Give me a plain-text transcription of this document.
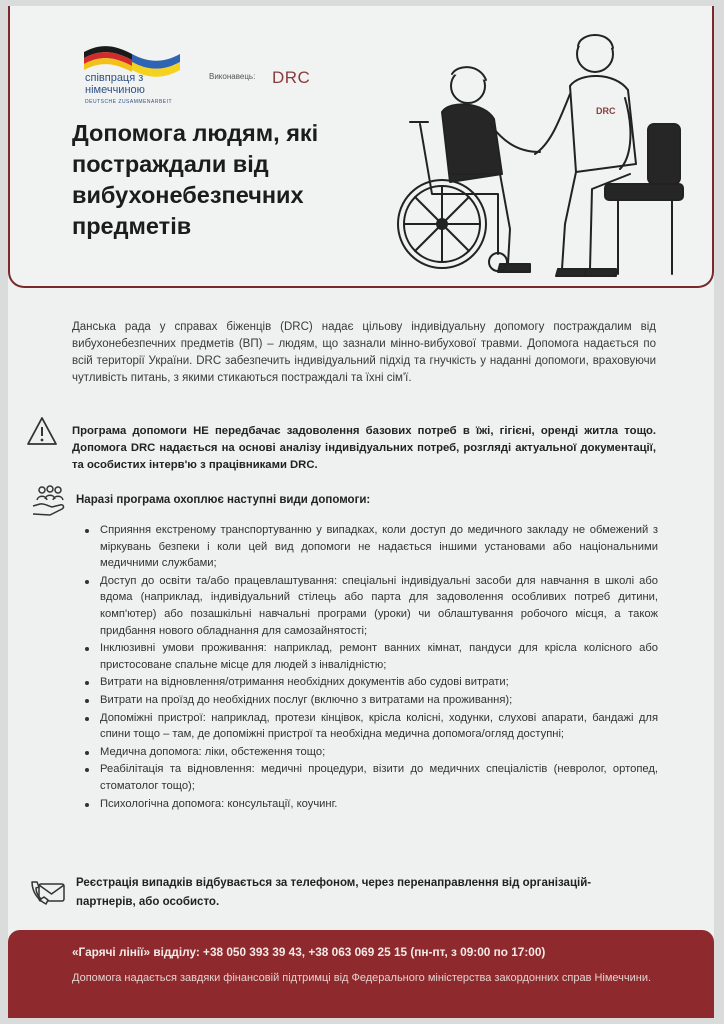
співпраця з
німеччиною
DEUTSCHE ZUSAMMENARBEIT
Виконавець: DRC
Допомога людям, які постраждали від вибухонебезпечних предметів
DRC

Данська рада у справах біженців (DRC) надає цільову індивідуальну допомогу постраждалим від вибухонебезпечних предметів (ВП) – людям, що зазнали мінно-вибухової травми. Допомога надається по всій території України. DRC забезпечить індивідуальний підхід та гнучкість у наданні допомоги, враховуючи чутливість питань, з якими стикаються постраждалі та їхні сім'ї.

Програма допомоги НЕ передбачає задоволення базових потреб в їжі, гігієні, оренді житла тощо. Допомога DRC надається на основі аналізу індивідуальних потреб, розгляді актуальної документації, та особистих інтерв'ю з працівниками DRC.

Наразі програма охоплює наступні види допомоги:
Сприяння екстреному транспортуванню у випадках, коли доступ до медичного закладу не обмежений з міркувань безпеки і коли цей вид допомоги не надається іншими установами або національними медичними службами;
Доступ до освіти та/або працевлаштування: спеціальні індивідуальні засоби для навчання в школі або вдома (наприклад, індивідуальний стілець або парта для задоволення особливих потреб дитини, комп'ютер) або позашкільні навчальні програми (уроки) чи облаштування робочого місця, а також придбання нового обладнання для самозайнятості;
Інклюзивні умови проживання: наприклад, ремонт ванних кімнат, пандуси для крісла колісного або пристосоване спальне місце для людей з інвалідністю;
Витрати на відновлення/отримання необхідних документів або судові витрати;
Витрати на проїзд до необхідних послуг (включно з витратами на проживання);
Допоміжні пристрої: наприклад, протези кінцівок, крісла колісні, ходунки, слухові апарати, бандажі для спини тощо – там, де допоміжні пристрої та необхідна медична допомога/огляд доступні;
Медична допомога: ліки, обстеження тощо;
Реабілітація та відновлення: медичні процедури, візити до медичних спеціалістів (невролог, ортопед, стоматолог тощо);
Психологічна допомога: консультації, коучинг.

Реєстрація випадків відбувається за телефоном, через перенаправлення від організацій-партнерів, або особисто.

«Гарячі лінії» відділу: +38 050 393 39 43, +38 063 069 25 15 (пн-пт, з 09:00 по 17:00)
Допомога надається завдяки фінансовій підтримці від Федерального міністерства закордонних справ Німеччини.
